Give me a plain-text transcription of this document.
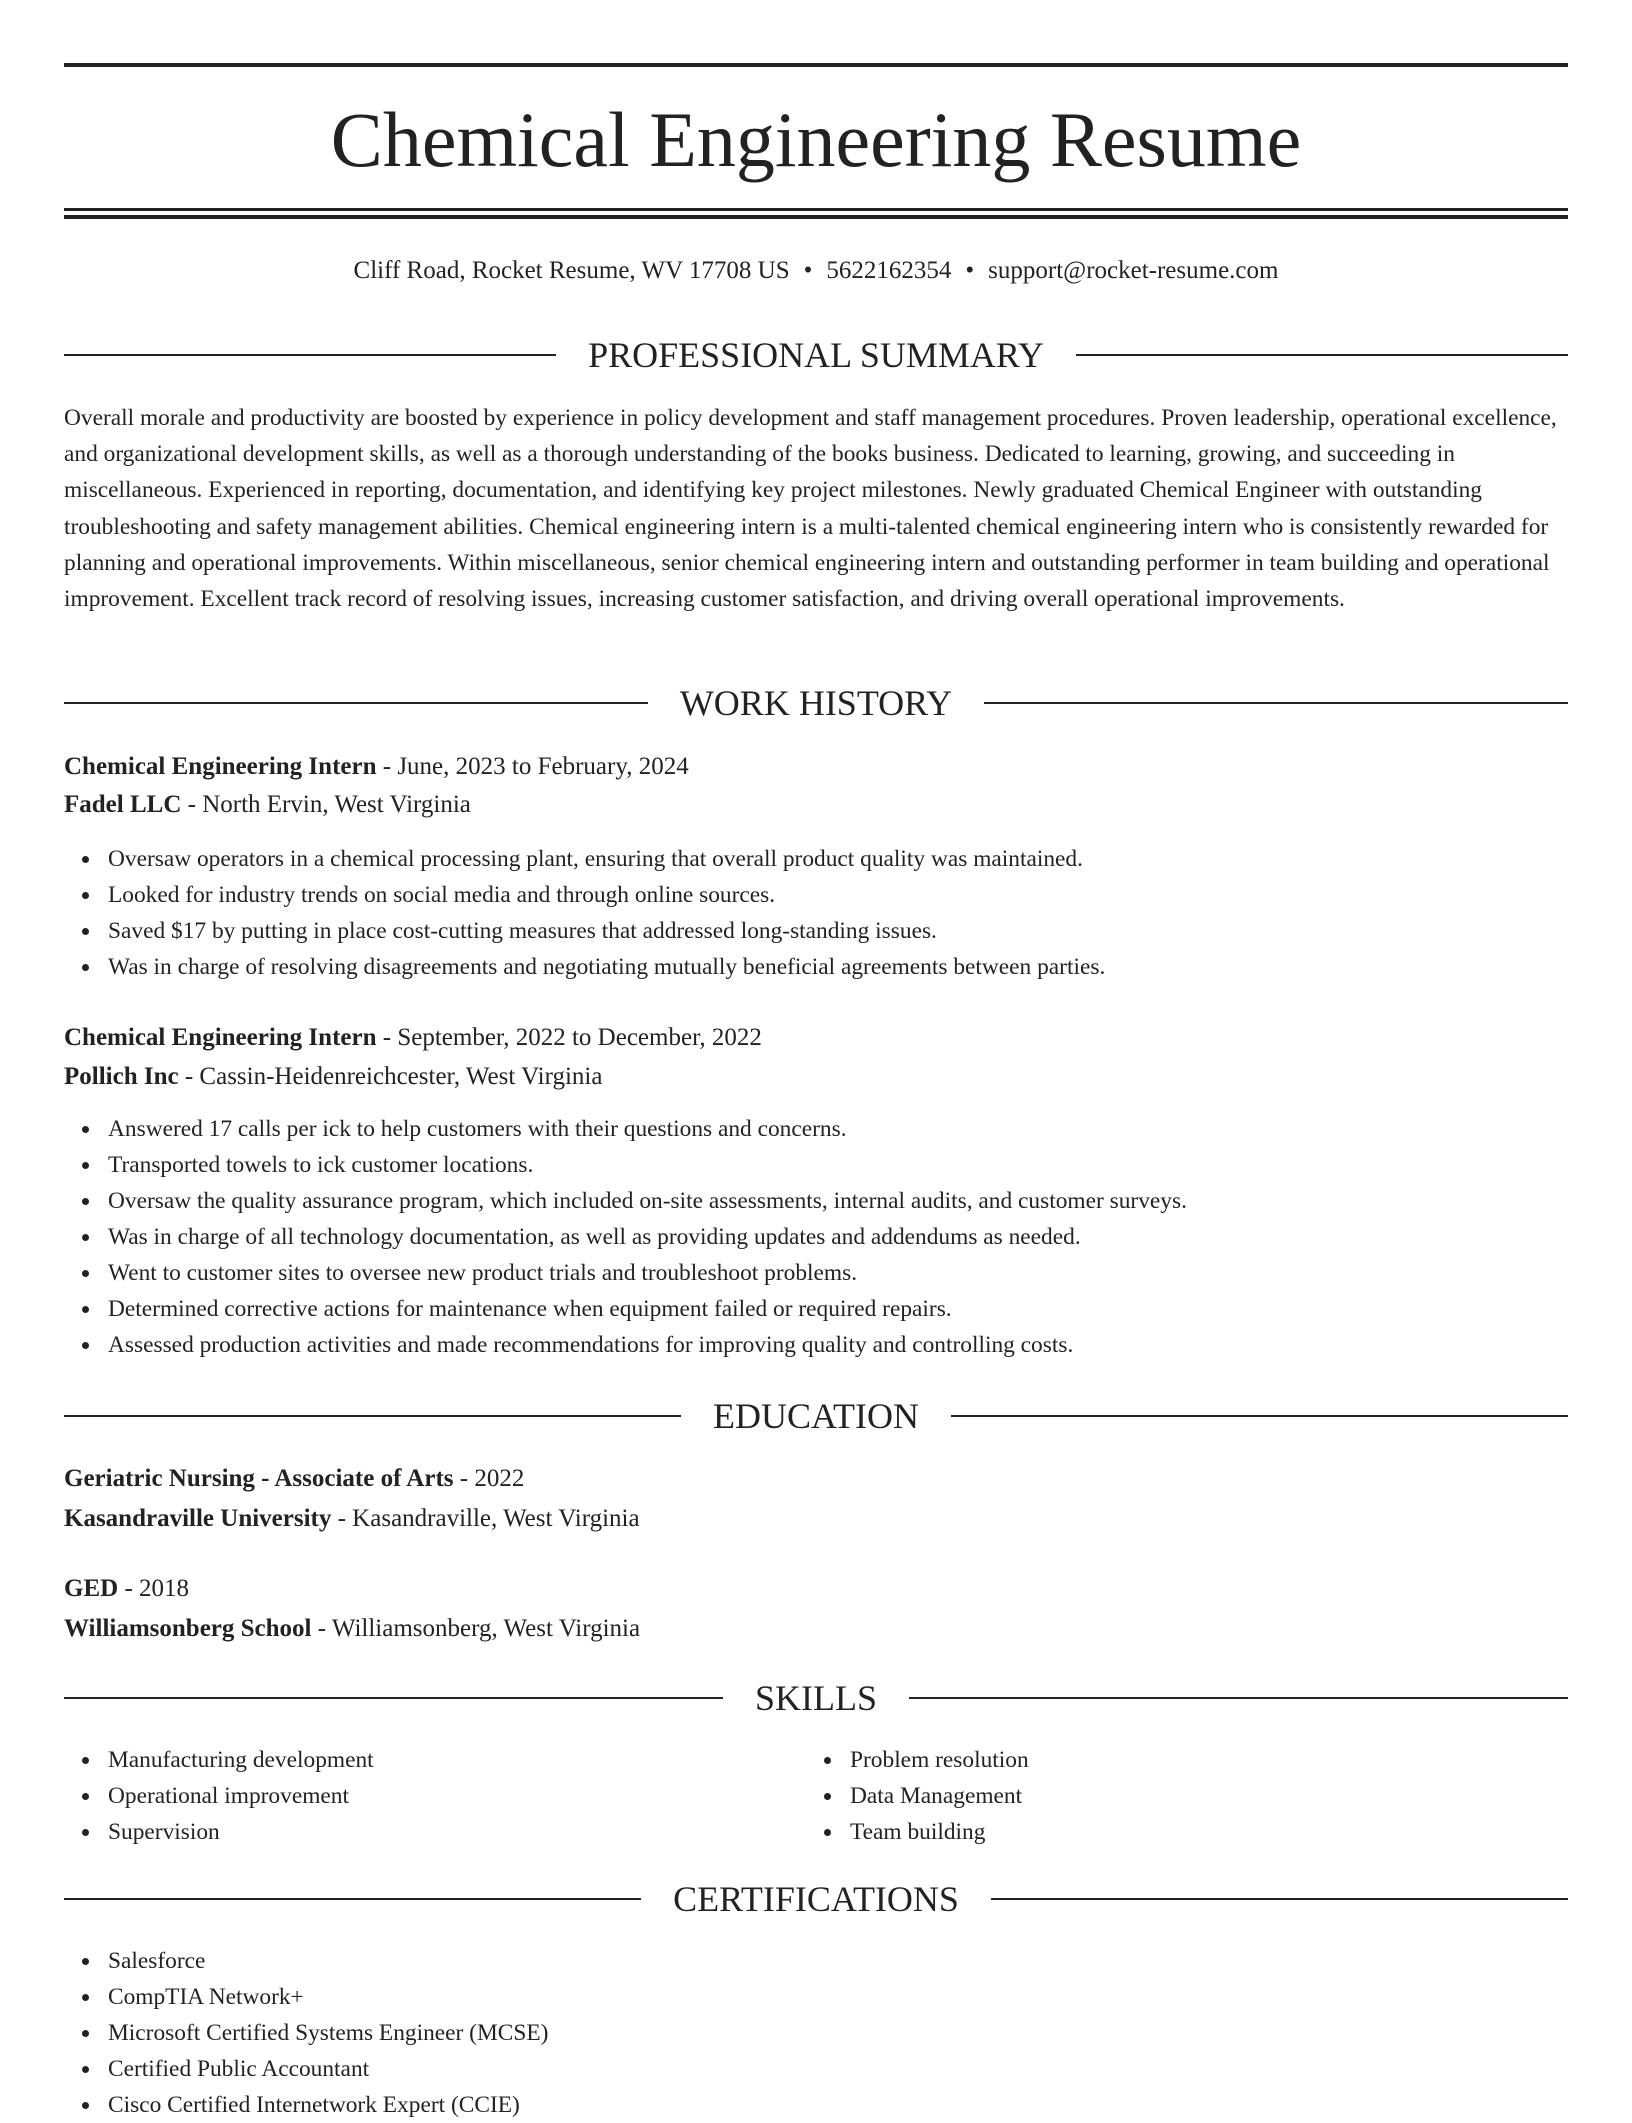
Chemical Engineering Resume
Cliff Road, Rocket Resume, WV 17708 US • 5622162354 • support@rocket-resume.com
PROFESSIONAL SUMMARY

Overall morale and productivity are boosted by experience in policy development and staff management procedures. Proven leadership, operational excellence, and organizational development skills, as well as a thorough understanding of the books business. Dedicated to learning, growing, and succeeding in miscellaneous. Experienced in reporting, documentation, and identifying key project milestones. Newly graduated Chemical Engineer with outstanding troubleshooting and safety management abilities. Chemical engineering intern is a multi-talented chemical engineering intern who is consistently rewarded for planning and operational improvements. Within miscellaneous, senior chemical engineering intern and outstanding performer in team building and operational improvement. Excellent track record of resolving issues, increasing customer satisfaction, and driving overall operational improvements.

WORK HISTORY
Chemical Engineering Intern - June, 2023 to February, 2024
Fadel LLC - North Ervin, West Virginia
Oversaw operators in a chemical processing plant, ensuring that overall product quality was maintained.
Looked for industry trends on social media and through online sources.
Saved $17 by putting in place cost-cutting measures that addressed long-standing issues.
Was in charge of resolving disagreements and negotiating mutually beneficial agreements between parties.
Chemical Engineering Intern - September, 2022 to December, 2022
Pollich Inc - Cassin-Heidenreichcester, West Virginia
Answered 17 calls per ick to help customers with their questions and concerns.
Transported towels to ick customer locations.
Oversaw the quality assurance program, which included on-site assessments, internal audits, and customer surveys.
Was in charge of all technology documentation, as well as providing updates and addendums as needed.
Went to customer sites to oversee new product trials and troubleshoot problems.
Determined corrective actions for maintenance when equipment failed or required repairs.
Assessed production activities and made recommendations for improving quality and controlling costs.
EDUCATION
Geriatric Nursing - Associate of Arts - 2022
Kasandraville University - Kasandraville, West Virginia
GED - 2018
Williamsonberg School - Williamsonberg, West Virginia
SKILLS
Manufacturing development
Operational improvement
Supervision
Problem resolution
Data Management
Team building
CERTIFICATIONS
Salesforce
CompTIA Network+
Microsoft Certified Systems Engineer (MCSE)
Certified Public Accountant
Cisco Certified Internetwork Expert (CCIE)
